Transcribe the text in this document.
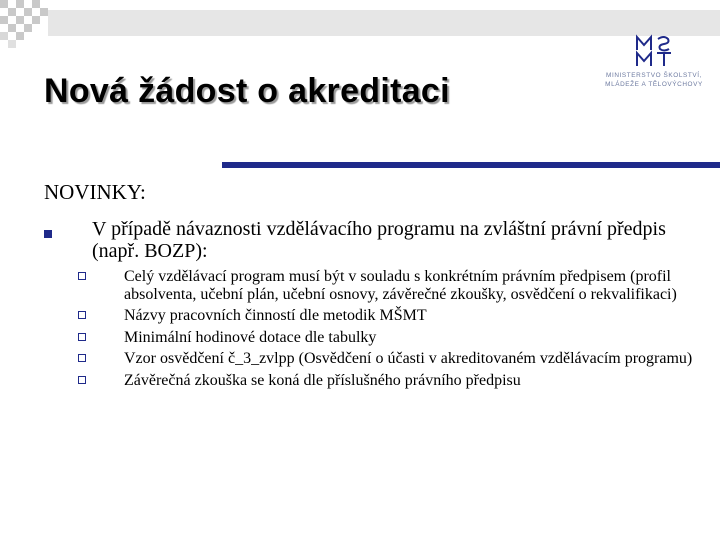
Nová žádost o akreditaci	MINISTERSTVO ŠKOLSTVÍ,
MLÁDEŽE A TĚLOVÝCHOVY
NOVINKY:

V případě návaznosti vzdělávacího programu na zvláštní právní předpis (např. BOZP):

Celý vzdělávací program musí být v souladu s konkrétním právním předpisem (profil absolventa, učební plán, učební osnovy, závěrečné zkoušky, osvědčení o rekvalifikaci)
Názvy pracovních činností dle metodik MŠMT
Minimální hodinové dotace dle tabulky
Vzor osvědčení č_3_zvlpp (Osvědčení o účasti v akreditovaném vzdělávacím programu)
Závěrečná zkouška se koná dle příslušného právního předpisu
